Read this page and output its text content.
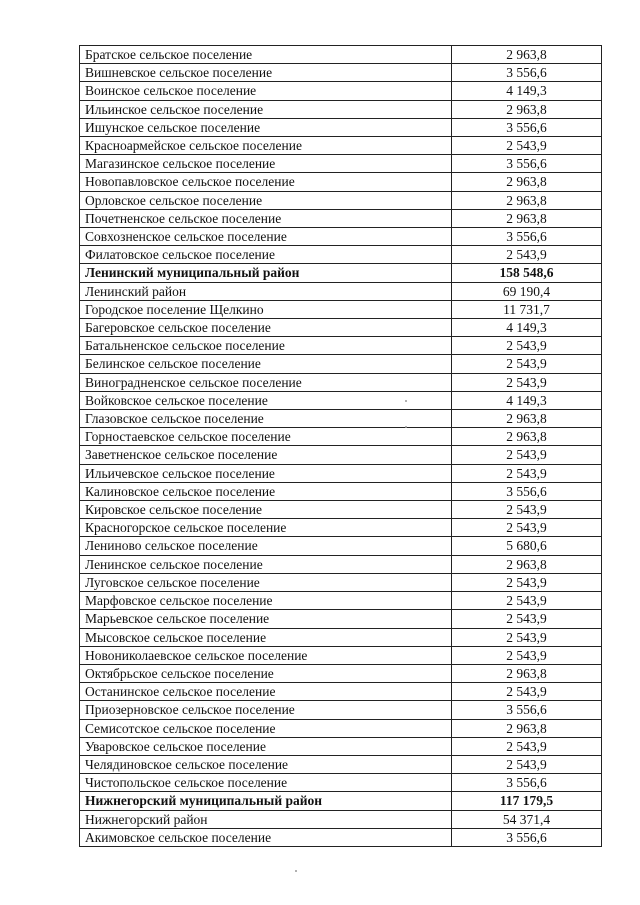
Братское сельское поселение	2 963,8
Вишневское сельское поселение	3 556,6
Воинское сельское поселение	4 149,3
Ильинское сельское поселение	2 963,8
Ишунское сельское поселение	3 556,6
Красноармейское сельское поселение	2 543,9
Магазинское сельское поселение	3 556,6
Новопавловское сельское поселение	2 963,8
Орловское сельское поселение	2 963,8
Почетненское сельское поселение	2 963,8
Совхозненское сельское поселение	3 556,6
Филатовское сельское поселение	2 543,9
Ленинский муниципальный район	158 548,6
Ленинский район	69 190,4
Городское поселение Щелкино	11 731,7
Багеровское сельское поселение	4 149,3
Батальненское сельское поселение	2 543,9
Белинское сельское поселение	2 543,9
Виноградненское сельское поселение	2 543,9
Войковское сельское поселение	4 149,3
Глазовское сельское поселение	2 963,8
Горностаевское сельское поселение	2 963,8
Заветненское сельское поселение	2 543,9
Ильичевское сельское поселение	2 543,9
Калиновское сельское поселение	3 556,6
Кировское сельское поселение	2 543,9
Красногорское сельское поселение	2 543,9
Лениново сельское поселение	5 680,6
Ленинское сельское поселение	2 963,8
Луговское сельское поселение	2 543,9
Марфовское сельское поселение	2 543,9
Марьевское сельское поселение	2 543,9
Мысовское сельское поселение	2 543,9
Новониколаевское сельское поселение	2 543,9
Октябрьское сельское поселение	2 963,8
Останинское сельское поселение	2 543,9
Приозерновское сельское поселение	3 556,6
Семисотское сельское поселение	2 963,8
Уваровское сельское поселение	2 543,9
Челядиновское сельское поселение	2 543,9
Чистопольское сельское поселение	3 556,6
Нижнегорский муниципальный район	117 179,5
Нижнегорский район	54 371,4
Акимовское сельское поселение	3 556,6
